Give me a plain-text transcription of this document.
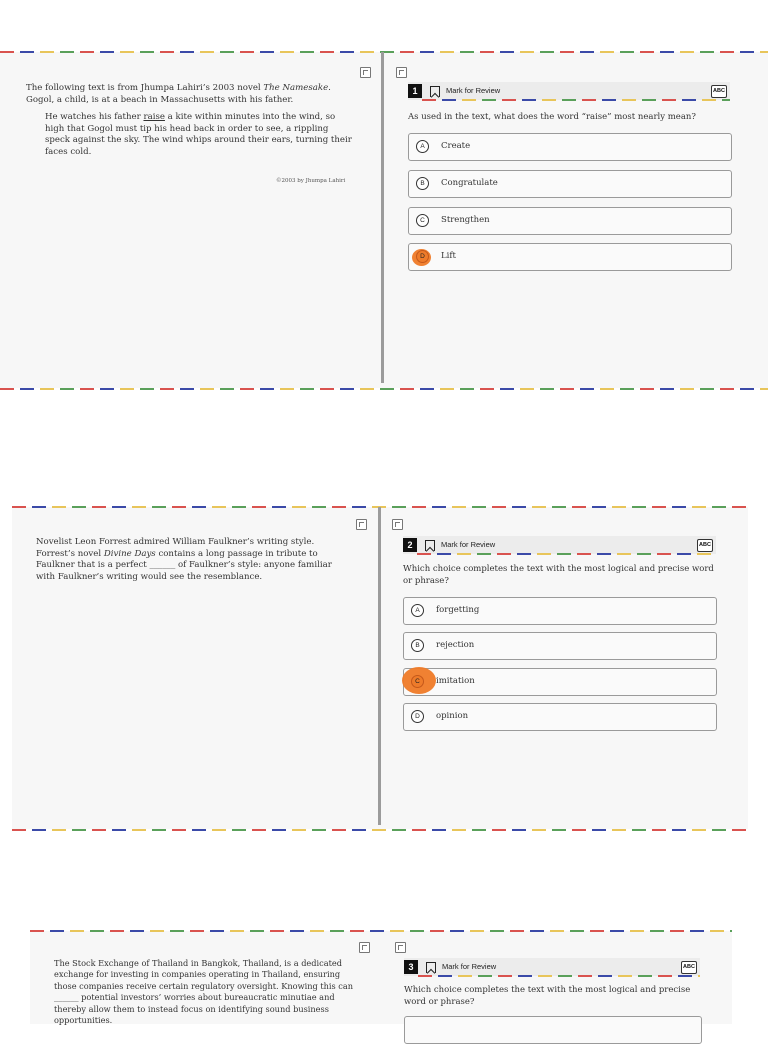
The following text is from Jhumpa Lahiri’s 2003 novel The Namesake. Gogol, a child, is at a beach in Massachusetts with his father.

He watches his father raise a kite within minutes into the wind, so high that Gogol must tip his head back in order to see, a rippling speck against the sky. The wind whips around their ears, turning their faces cold.

©2003 by Jhumpa Lahiri
1	Mark for Review	ABC
As used in the text, what does the word “raise” most nearly mean?
A	Create
B	Congratulate
C	Strengthen
D	Lift

Novelist Leon Forrest admired William Faulkner’s writing style. Forrest’s novel Divine Days contains a long passage in tribute to Faulkner that is a perfect ______ of Faulkner’s style: anyone familiar with Faulkner’s writing would see the resemblance.

2	Mark for Review	ABC
Which choice completes the text with the most logical and precise word or phrase?
A	forgetting
B	rejection
C	imitation
D	opinion

The Stock Exchange of Thailand in Bangkok, Thailand, is a dedicated exchange for investing in companies operating in Thailand, ensuring those companies receive certain regulatory oversight. Knowing this can ______ potential investors’ worries about bureaucratic minutiae and thereby allow them to instead focus on identifying sound business opportunities.

3	Mark for Review	ABC
Which choice completes the text with the most logical and precise word or phrase?
